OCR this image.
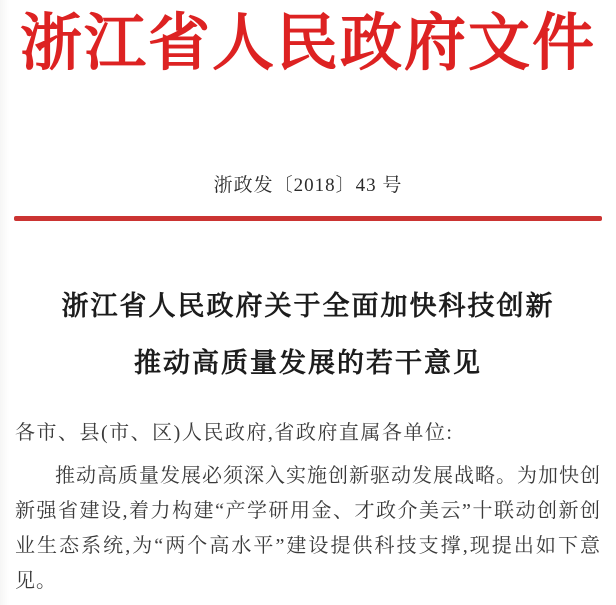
浙江省人民政府文件
浙政发〔2018〕43 号
浙江省人民政府关于全面加快科技创新
推动高质量发展的若干意见
各市、县(市、区)人民政府,省政府直属各单位:
推动高质量发展必须深入实施创新驱动发展战略。为加快创
新强省建设,着力构建“产学研用金、才政介美云”十联动创新创
业生态系统,为“两个高水平”建设提供科技支撑,现提出如下意
见。
